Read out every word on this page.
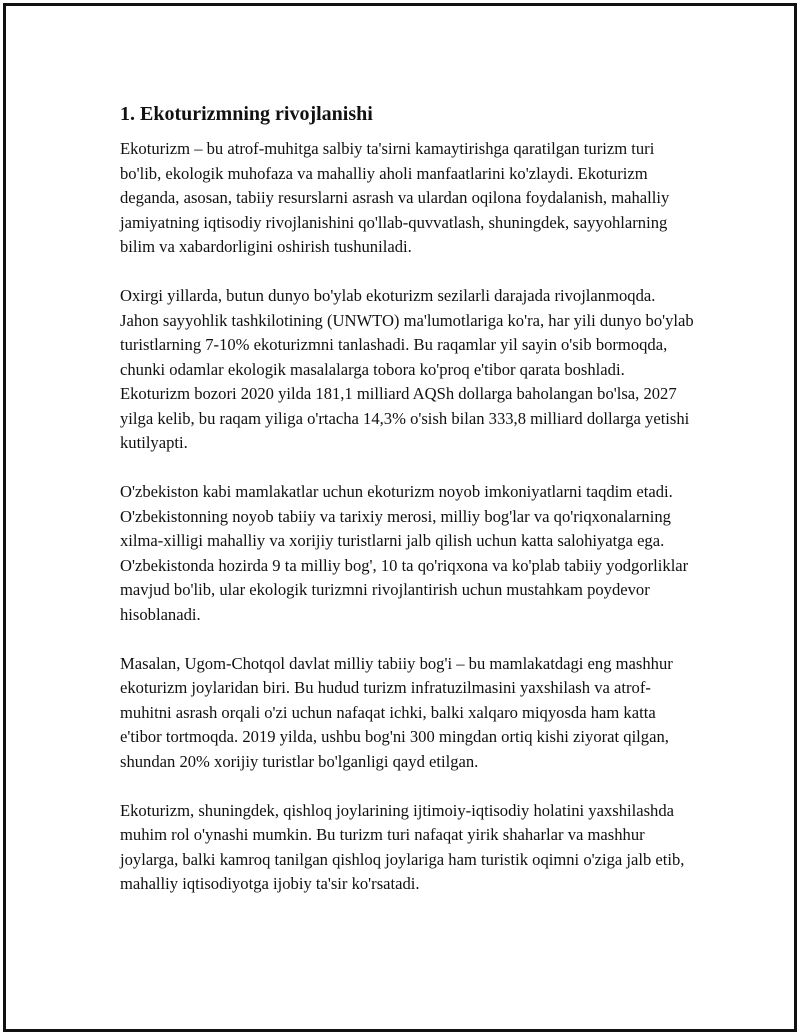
1. Ekoturizmning rivojlanishi

Ekoturizm – bu atrof-muhitga salbiy ta'sirni kamaytirishga qaratilgan turizm turi bo'lib, ekologik muhofaza va mahalliy aholi manfaatlarini ko'zlaydi. Ekoturizm deganda, asosan, tabiiy resurslarni asrash va ulardan oqilona foydalanish, mahalliy jamiyatning iqtisodiy rivojlanishini qo'llab-quvvatlash, shuningdek, sayyohlarning bilim va xabardorligini oshirish tushuniladi.

Oxirgi yillarda, butun dunyo bo'ylab ekoturizm sezilarli darajada rivojlanmoqda. Jahon sayyohlik tashkilotining (UNWTO) ma'lumotlariga ko'ra, har yili dunyo bo'ylab turistlarning 7-10% ekoturizmni tanlashadi. Bu raqamlar yil sayin o'sib bormoqda, chunki odamlar ekologik masalalarga tobora ko'proq e'tibor qarata boshladi. Ekoturizm bozori 2020 yilda 181,1 milliard AQSh dollarga baholangan bo'lsa, 2027 yilga kelib, bu raqam yiliga o'rtacha 14,3% o'sish bilan 333,8 milliard dollarga yetishi kutilyapti.

O'zbekiston kabi mamlakatlar uchun ekoturizm noyob imkoniyatlarni taqdim etadi. O'zbekistonning noyob tabiiy va tarixiy merosi, milliy bog'lar va qo'riqxonalarning xilma-xilligi mahalliy va xorijiy turistlarni jalb qilish uchun katta salohiyatga ega. O'zbekistonda hozirda 9 ta milliy bog', 10 ta qo'riqxona va ko'plab tabiiy yodgorliklar mavjud bo'lib, ular ekologik turizmni rivojlantirish uchun mustahkam poydevor hisoblanadi.

Masalan, Ugom-Chotqol davlat milliy tabiiy bog'i – bu mamlakatdagi eng mashhur ekoturizm joylaridan biri. Bu hudud turizm infratuzilmasini yaxshilash va atrof-muhitni asrash orqali o'zi uchun nafaqat ichki, balki xalqaro miqyosda ham katta e'tibor tortmoqda. 2019 yilda, ushbu bog'ni 300 mingdan ortiq kishi ziyorat qilgan, shundan 20% xorijiy turistlar bo'lganligi qayd etilgan.

Ekoturizm, shuningdek, qishloq joylarining ijtimoiy-iqtisodiy holatini yaxshilashda muhim rol o'ynashi mumkin. Bu turizm turi nafaqat yirik shaharlar va mashhur joylarga, balki kamroq tanilgan qishloq joylariga ham turistik oqimni o'ziga jalb etib, mahalliy iqtisodiyotga ijobiy ta'sir ko'rsatadi.
